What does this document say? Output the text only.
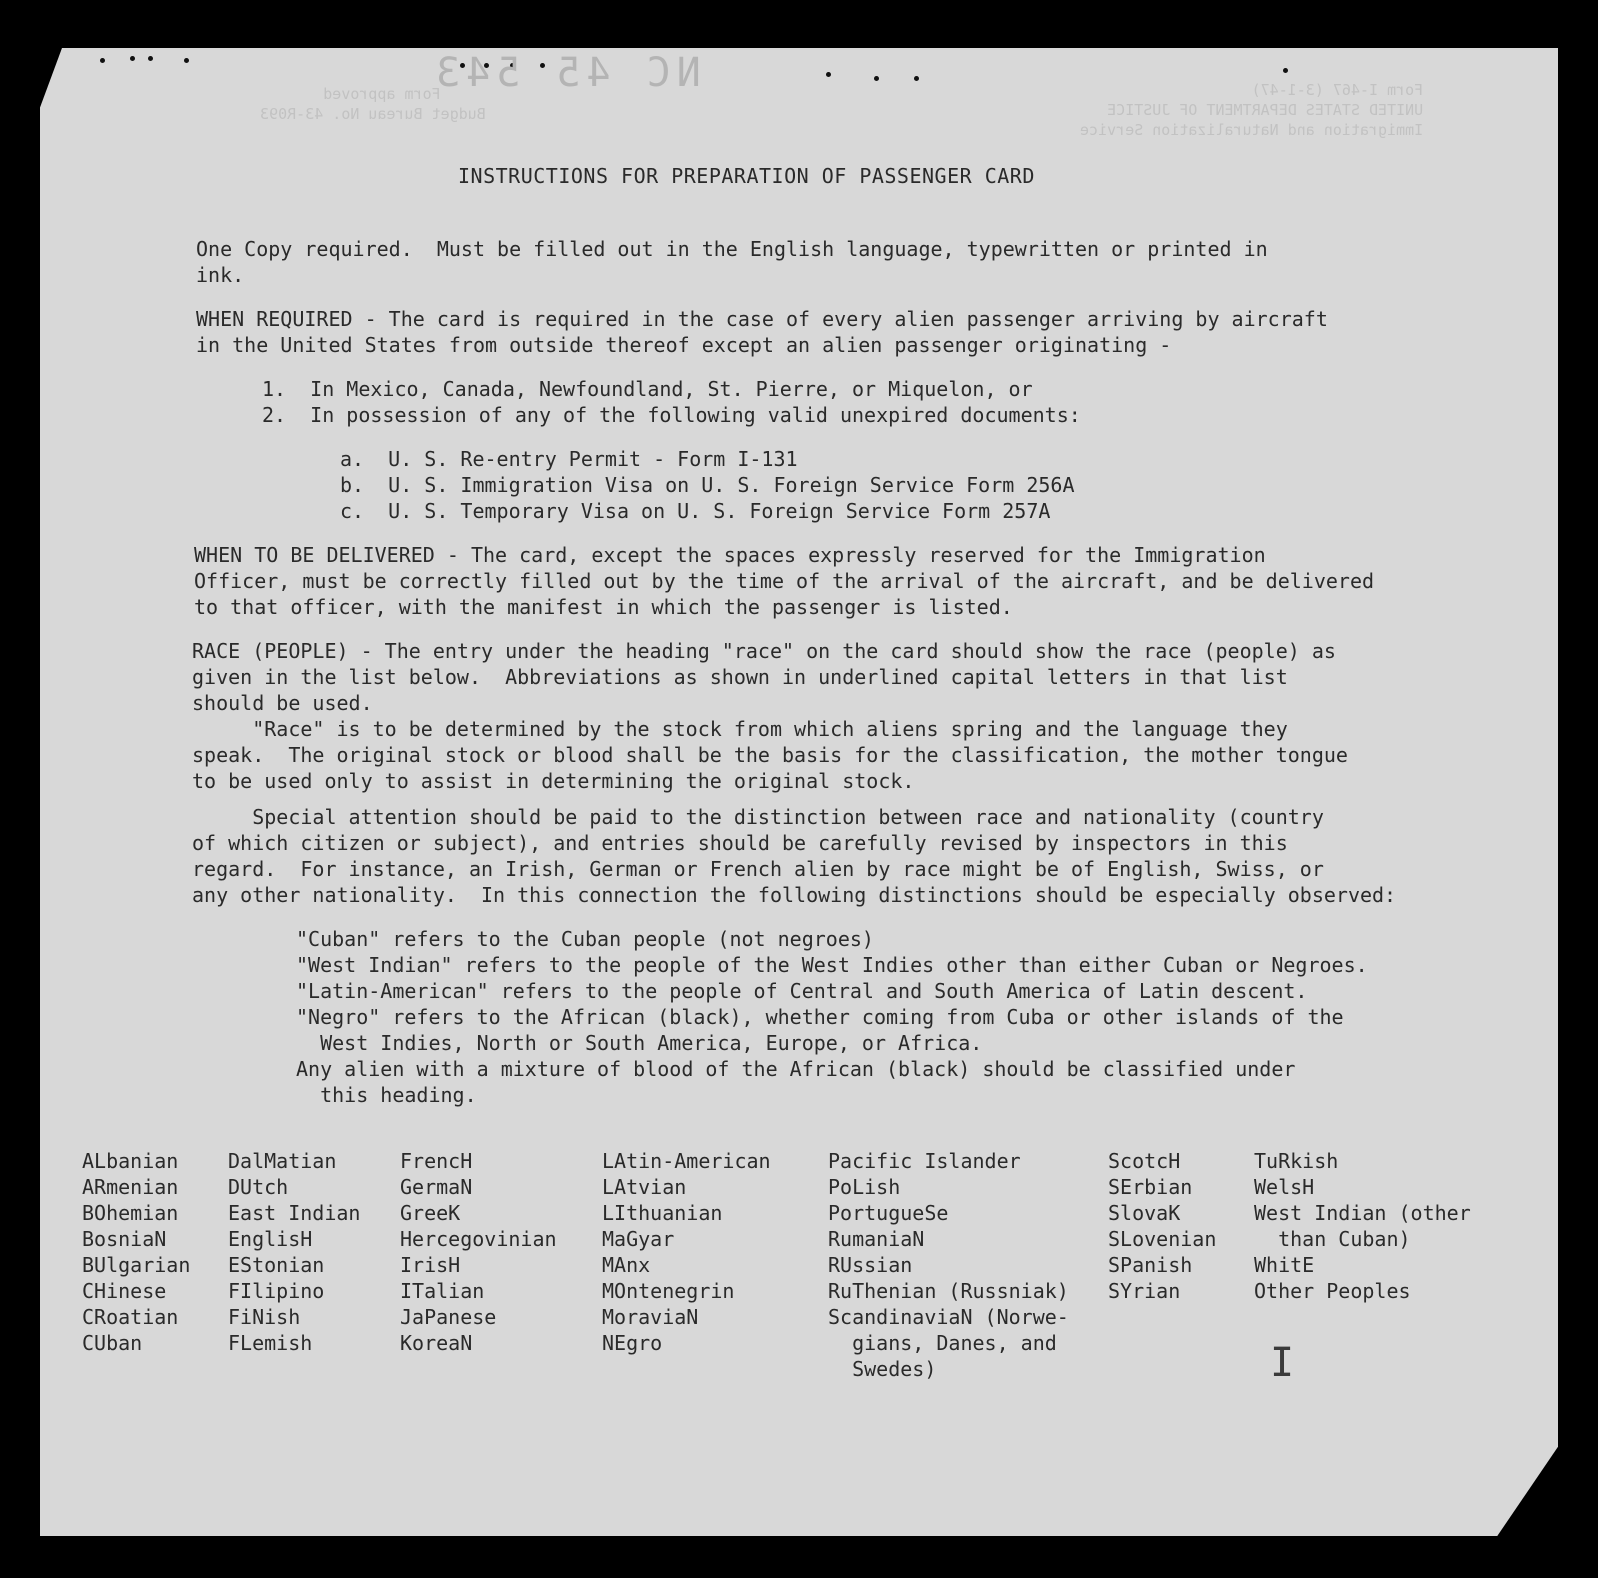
Form I-467 (3-1-47)
UNITED STATES DEPARTMENT OF JUSTICE
Immigration and Naturalization Service
Form approved
Budget Bureau No. 43-R093
NC 45 543
INSTRUCTIONS FOR PREPARATION OF PASSENGER CARD
One Copy required.  Must be filled out in the English language, typewritten or printed in
ink.
WHEN REQUIRED - The card is required in the case of every alien passenger arriving by aircraft
in the United States from outside thereof except an alien passenger originating -
1.  In Mexico, Canada, Newfoundland, St. Pierre, or Miquelon, or
2.  In possession of any of the following valid unexpired documents:
a.  U. S. Re-entry Permit - Form I-131
b.  U. S. Immigration Visa on U. S. Foreign Service Form 256A
c.  U. S. Temporary Visa on U. S. Foreign Service Form 257A
WHEN TO BE DELIVERED - The card, except the spaces expressly reserved for the Immigration
Officer, must be correctly filled out by the time of the arrival of the aircraft, and be delivered
to that officer, with the manifest in which the passenger is listed.
RACE (PEOPLE) - The entry under the heading "race" on the card should show the race (people) as
given in the list below.  Abbreviations as shown in underlined capital letters in that list
should be used.
"Race" is to be determined by the stock from which aliens spring and the language they
speak.  The original stock or blood shall be the basis for the classification, the mother tongue
to be used only to assist in determining the original stock.
Special attention should be paid to the distinction between race and nationality (country
of which citizen or subject), and entries should be carefully revised by inspectors in this
regard.  For instance, an Irish, German or French alien by race might be of English, Swiss, or
any other nationality.  In this connection the following distinctions should be especially observed:
"Cuban" refers to the Cuban people (not negroes)
"West Indian" refers to the people of the West Indies other than either Cuban or Negroes.
"Latin-American" refers to the people of Central and South America of Latin descent.
"Negro" refers to the African (black), whether coming from Cuba or other islands of the
West Indies, North or South America, Europe, or Africa.
Any alien with a mixture of blood of the African (black) should be classified under
this heading.
ALbanian
ARmenian
BOhemian
BosniaN
BUlgarian
CHinese
CRoatian
CUban
DalMatian
DUtch
East Indian
EnglisH
EStonian
FIlipino
FiNish
FLemish
FrencH
GermaN
GreeK
Hercegovinian
IrisH
ITalian
JaPanese
KoreaN
LAtin-American
LAtvian
LIthuanian
MaGyar
MAnx
MOntenegrin
MoraviaN
NEgro
Pacific Islander
PoLish
PortugueSe
RumaniaN
RUssian
RuThenian (Russniak)
ScandinaviaN (Norwe-
gians, Danes, and
Swedes)
ScotcH
SErbian
SlovaK
SLovenian
SPanish
SYrian
TuRkish
WelsH
West Indian (other
than Cuban)
WhitE
Other Peoples
I
